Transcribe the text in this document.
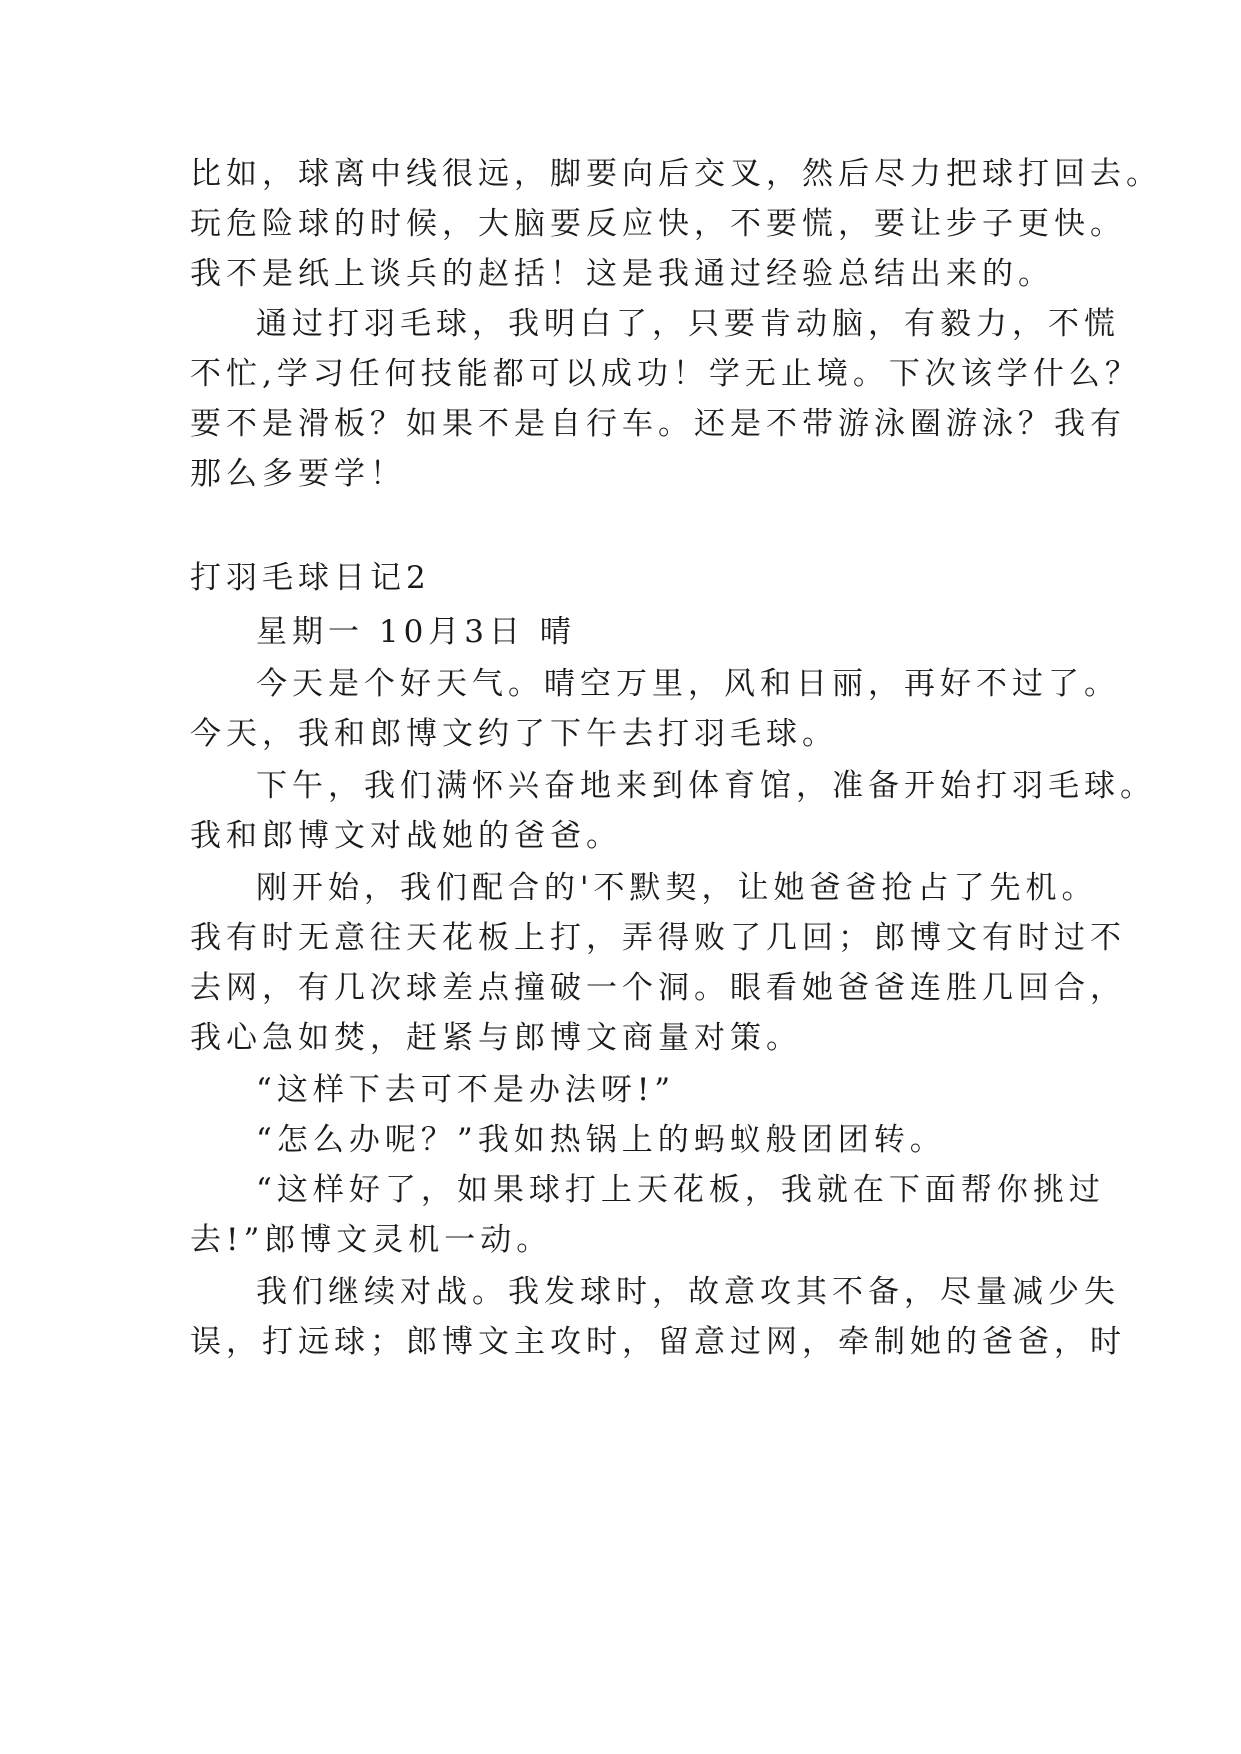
比如，球离中线很远，脚要向后交叉，然后尽力把球打回去。
玩危险球的时候，大脑要反应快，不要慌，要让步子更快。
我不是纸上谈兵的赵括！这是我通过经验总结出来的。
通过打羽毛球，我明白了，只要肯动脑，有毅力，不慌
不忙,学习任何技能都可以成功！学无止境。下次该学什么？
要不是滑板？如果不是自行车。还是不带游泳圈游泳？我有
那么多要学！
打羽毛球日记2
星期一 10月3日 晴
今天是个好天气。晴空万里，风和日丽，再好不过了。
今天，我和郎博文约了下午去打羽毛球。
下午，我们满怀兴奋地来到体育馆，准备开始打羽毛球。
我和郎博文对战她的爸爸。
刚开始，我们配合的'不默契，让她爸爸抢占了先机。
我有时无意往天花板上打，弄得败了几回；郎博文有时过不
去网，有几次球差点撞破一个洞。眼看她爸爸连胜几回合，
我心急如焚，赶紧与郎博文商量对策。
“这样下去可不是办法呀!”
“怎么办呢？”我如热锅上的蚂蚁般团团转。
“这样好了，如果球打上天花板，我就在下面帮你挑过
去!”郎博文灵机一动。
我们继续对战。我发球时，故意攻其不备，尽量减少失
误，打远球；郎博文主攻时，留意过网，牵制她的爸爸，时
